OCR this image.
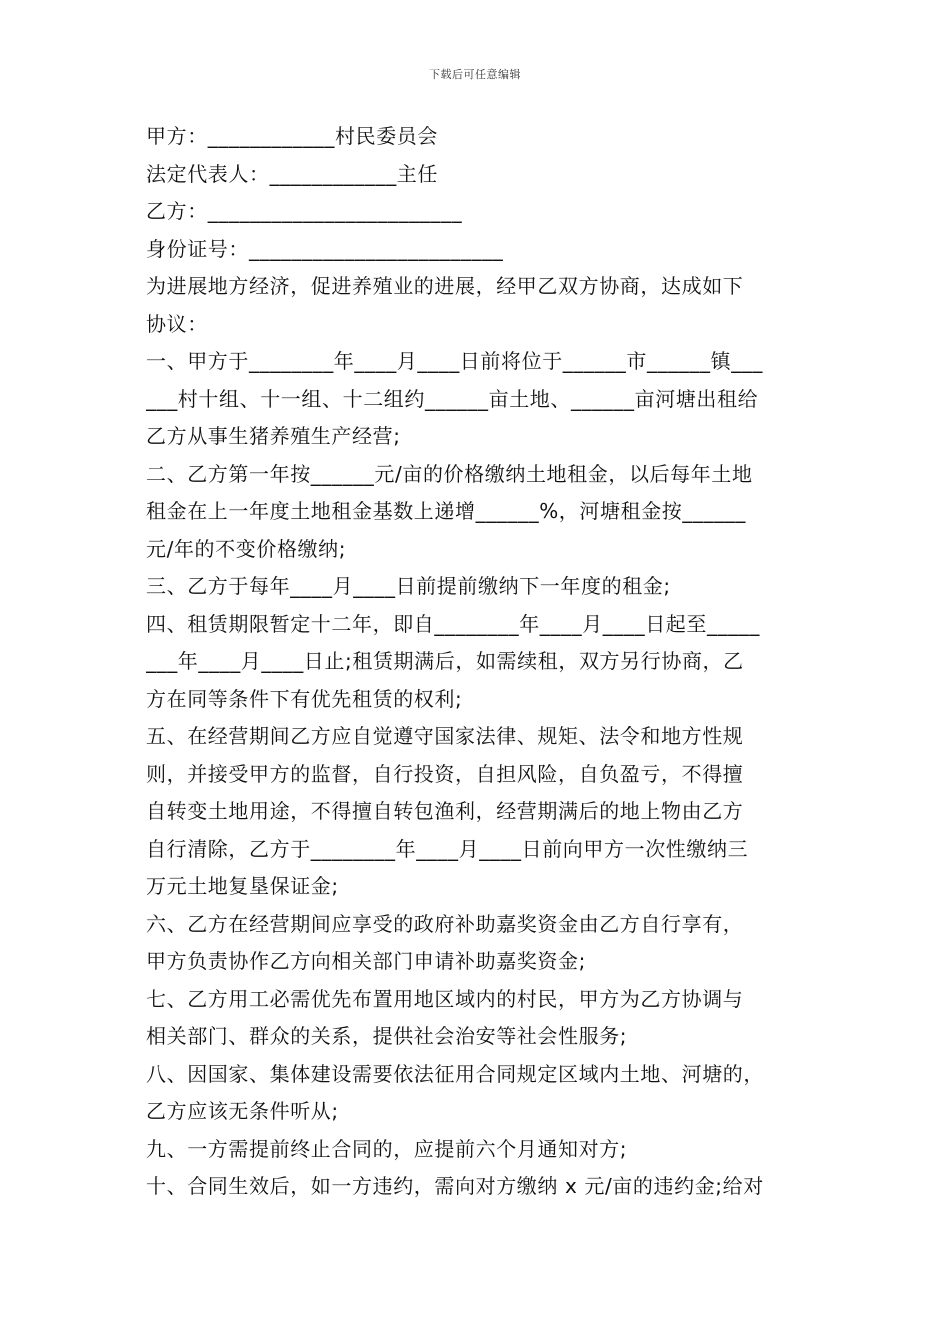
下载后可任意编辑
甲方：____________村民委员会
法定代表人：____________主任
乙方：________________________
身份证号：________________________
为进展地方经济，促进养殖业的进展，经甲乙双方协商，达成如下
协议：
一、甲方于________年____月____日前将位于______市______镇___
___村十组、十一组、十二组约______亩土地、______亩河塘出租给
乙方从事生猪养殖生产经营;
二、乙方第一年按______元/亩的价格缴纳土地租金，以后每年土地
租金在上一年度土地租金基数上递增______%，河塘租金按______
元/年的不变价格缴纳;
三、乙方于每年____月____日前提前缴纳下一年度的租金;
四、租赁期限暂定十二年，即自________年____月____日起至_____
___年____月____日止;租赁期满后，如需续租，双方另行协商，乙
方在同等条件下有优先租赁的权利;
五、在经营期间乙方应自觉遵守国家法律、规矩、法令和地方性规
则，并接受甲方的监督，自行投资，自担风险，自负盈亏，不得擅
自转变土地用途，不得擅自转包渔利，经营期满后的地上物由乙方
自行清除，乙方于________年____月____日前向甲方一次性缴纳三
万元土地复垦保证金;
六、乙方在经营期间应享受的政府补助嘉奖资金由乙方自行享有，
甲方负责协作乙方向相关部门申请补助嘉奖资金;
七、乙方用工必需优先布置用地区域内的村民，甲方为乙方协调与
相关部门、群众的关系，提供社会治安等社会性服务;
八、因国家、集体建设需要依法征用合同规定区域内土地、河塘的，
乙方应该无条件听从;
九、一方需提前终止合同的，应提前六个月通知对方;
十、合同生效后，如一方违约，需向对方缴纳 x 元/亩的违约金;给对
